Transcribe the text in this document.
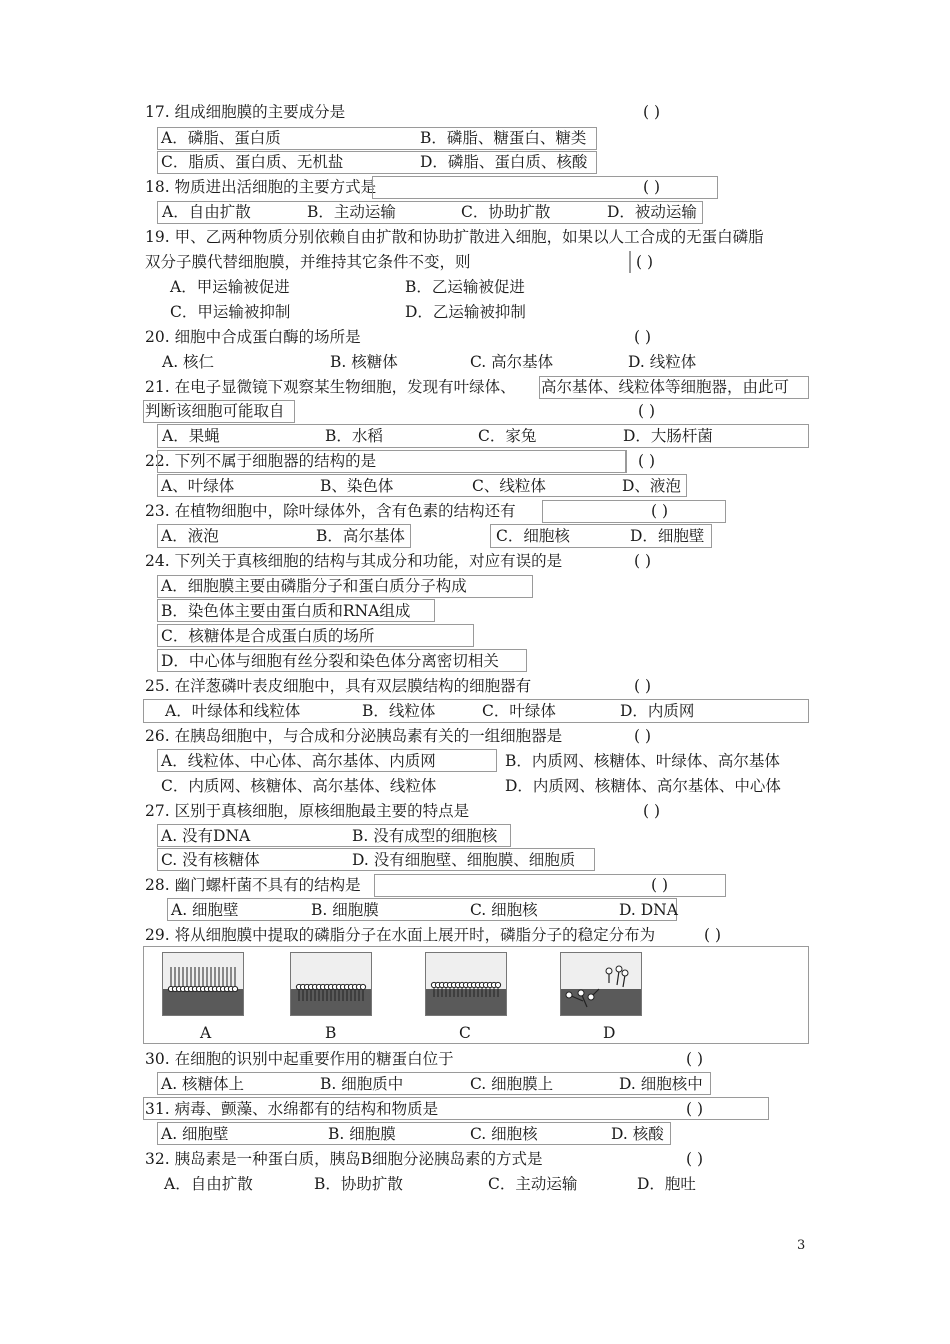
17. 组成细胞膜的主要成分是	( )
A．磷脂、蛋白质	B．磷脂、糖蛋白、糖类
C．脂质、蛋白质、无机盐	D．磷脂、蛋白质、核酸
18. 物质进出活细胞的主要方式是	( )
A．自由扩散	B．主动运输	C．协助扩散	D．被动运输
19. 甲、乙两种物质分别依赖自由扩散和协助扩散进入细胞，如果以人工合成的无蛋白磷脂
双分子膜代替细胞膜，并维持其它条件不变，则	( )
A．甲运输被促进	B．乙运输被促进
C．甲运输被抑制	D．乙运输被抑制
20. 细胞中合成蛋白酶的场所是	( )
A. 核仁	B. 核糖体	C. 高尔基体	D. 线粒体
21. 在电子显微镜下观察某生物细胞，发现有叶绿体、 高尔基体、线粒体等细胞器，由此可
判断该细胞可能取自	( )
A．果蝇	B．水稻	C．家兔	D．大肠杆菌
22. 下列不属于细胞器的结构的是	( )
A、叶绿体	B、染色体	C、线粒体	D、液泡
23. 在植物细胞中，除叶绿体外，含有色素的结构还有	( )
A．液泡	B．高尔基体	C．细胞核	D．细胞壁
24. 下列关于真核细胞的结构与其成分和功能，对应有误的是	( )
A．细胞膜主要由磷脂分子和蛋白质分子构成
B．染色体主要由蛋白质和RNA组成
C．核糖体是合成蛋白质的场所
D．中心体与细胞有丝分裂和染色体分离密切相关
25. 在洋葱磷叶表皮细胞中，具有双层膜结构的细胞器有	( )
A．叶绿体和线粒体	B．线粒体	C．叶绿体	D．内质网
26. 在胰岛细胞中，与合成和分泌胰岛素有关的一组细胞器是	( )
A．线粒体、中心体、高尔基体、内质网	B．内质网、核糖体、叶绿体、高尔基体
C．内质网、核糖体、高尔基体、线粒体	D．内质网、核糖体、高尔基体、中心体
27. 区别于真核细胞，原核细胞最主要的特点是	( )
A. 没有DNA	B. 没有成型的细胞核
C. 没有核糖体	D. 没有细胞壁、细胞膜、细胞质
28. 幽门螺杆菌不具有的结构是	( )
A. 细胞壁	B. 细胞膜	C. 细胞核	D. DNA
29. 将从细胞膜中提取的磷脂分子在水面上展开时，磷脂分子的稳定分布为	( )
A	B	C	D
30. 在细胞的识别中起重要作用的糖蛋白位于	( )
A. 核糖体上	B. 细胞质中	C. 细胞膜上	D. 细胞核中
31. 病毒、颤藻、水绵都有的结构和物质是	( )
A. 细胞壁	B. 细胞膜	C. 细胞核	D. 核酸
32. 胰岛素是一种蛋白质，胰岛B细胞分泌胰岛素的方式是	( )
A．自由扩散	B．协助扩散	C．主动运输	D．胞吐
3
